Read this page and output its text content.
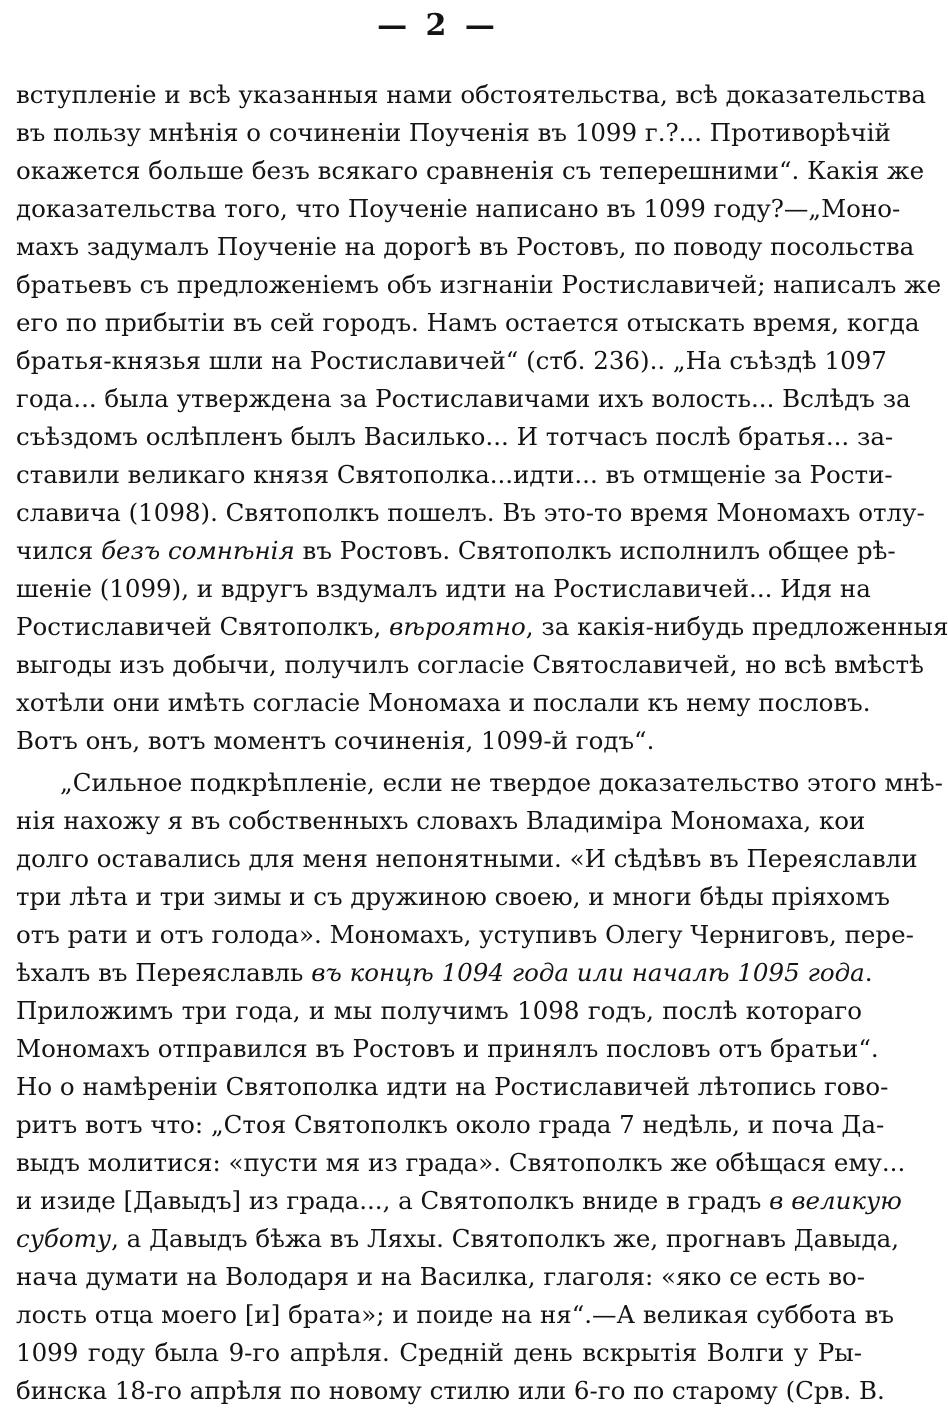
— 2 —
вступленіе и всѣ указанныя нами обстоятельства, всѣ доказательства
въ пользу мнѣнія о сочиненіи Поученія въ 1099 г.?... Противорѣчій
окажется больше безъ всякаго сравненія съ теперешними“. Какія же
доказательства того, что Поученіе написано въ 1099 году?—„Моно-
махъ задумалъ Поученіе на дорогѣ въ Ростовъ, по поводу посольства
братьевъ съ предложеніемъ объ изгнаніи Ростиславичей; написалъ же
его по прибытіи въ сей городъ. Намъ остается отыскать время, когда
братья-князья шли на Ростиславичей“ (стб. 236).. „На съѣздѣ 1097
года... была утверждена за Ростиславичами ихъ волость... Вслѣдъ за
съѣздомъ ослѣпленъ былъ Василько... И тотчасъ послѣ братья... за-
ставили великаго князя Святополка...идти... въ отмщеніе за Рости-
славича (1098). Святополкъ пошелъ. Въ это-то время Мономахъ отлу-
чился безъ сомнѣнія въ Ростовъ. Святополкъ исполнилъ общее рѣ-
шеніе (1099), и вдругъ вздумалъ идти на Ростиславичей... Идя на
Ростиславичей Святополкъ, вѣроятно, за какія-нибудь предложенныя
выгоды изъ добычи, получилъ согласіе Святославичей, но всѣ вмѣстѣ
хотѣли они имѣть согласіе Мономаха и послали къ нему пословъ.
Вотъ онъ, вотъ моментъ сочиненія, 1099-й годъ“.
„Сильное подкрѣпленіе, если не твердое доказательство этого мнѣ-
нія нахожу я въ собственныхъ словахъ Владиміра Мономаха, кои
долго оставались для меня непонятными. «И сѣдѣвъ въ Переяславли
три лѣта и три зимы и съ дружиною своею, и многи бѣды пріяхомъ
отъ рати и отъ голода». Мономахъ, уступивъ Олегу Черниговъ, пере-
ѣхалъ въ Переяславль въ концѣ 1094 года или началѣ 1095 года.
Приложимъ три года, и мы получимъ 1098 годъ, послѣ котораго
Мономахъ отправился въ Ростовъ и принялъ пословъ отъ братьи“.
Но о намѣреніи Святополка идти на Ростиславичей лѣтопись гово-
ритъ вотъ что: „Стоя Святополкъ около града 7 недѣль, и поча Да-
выдъ молитися: «пусти мя из града». Святополкъ же обѣщася ему...
и изиде [Давыдъ] из града..., а Святополкъ вниде в градъ в великую
суботу, а Давыдъ бѣжа въ Ляхы. Святополкъ же, прогнавъ Давыда,
нача думати на Володаря и на Василка, глаголя: «яко се есть во-
лость отца моего [и] брата»; и поиде на ня“.—А великая суббота въ
1099 году была 9-го апрѣля. Средній день вскрытія Волги у Ры-
бинска 18-го апрѣля по новому стилю или 6-го по старому (Срв. В.
